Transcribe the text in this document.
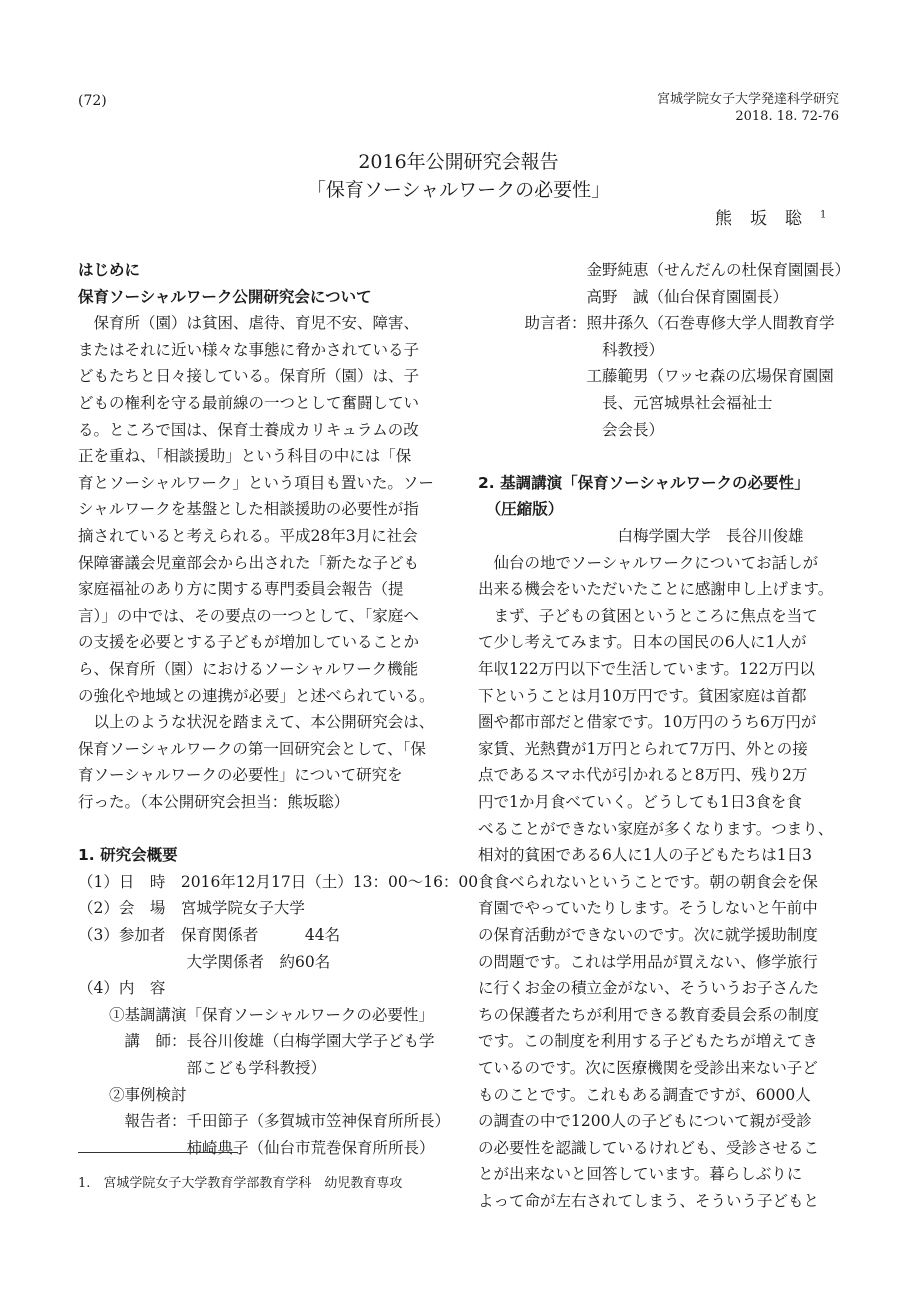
(72)	宮城学院女子大学発達科学研究
2018. 18. 72-76
2016年公開研究会報告
「保育ソーシャルワークの必要性」
熊坂聡$^1$
はじめに
保育ソーシャルワーク公開研究会について
　保育所（園）は貧困、虐待、育児不安、障害、
またはそれに近い様々な事態に脅かされている子
どもたちと日々接している。保育所（園）は、子
どもの権利を守る最前線の一つとして奮闘してい
る。ところで国は、保育士養成カリキュラムの改
正を重ね、「相談援助」という科目の中には「保
育とソーシャルワーク」という項目も置いた。ソー
シャルワークを基盤とした相談援助の必要性が指
摘されていると考えられる。平成28年3月に社会
保障審議会児童部会から出された「新たな子ども
家庭福祉のあり方に関する専門委員会報告（提
言）」の中では、その要点の一つとして、「家庭へ
の支援を必要とする子どもが増加していることか
ら、保育所（園）におけるソーシャルワーク機能
の強化や地域との連携が必要」と述べられている。
　以上のような状況を踏まえて、本公開研究会は、
保育ソーシャルワークの第一回研究会として、「保
育ソーシャルワークの必要性」について研究を
行った。（本公開研究会担当：熊坂聡）
1. 研究会概要
（1）日　時　2016年12月17日（土）13：00～16：00
（2）会　場　宮城学院女子大学
（3）参加者　保育関係者　　　44名
　　　　　　　大学関係者　約60名
（4）内　容
　　①基調講演「保育ソーシャルワークの必要性」
　　　講　師：長谷川俊雄（白梅学園大学子ども学
　　　　　　　部こども学科教授）
　　②事例検討
　　　報告者：千田節子（多賀城市笠神保育所所長）
　　　　　　　柿崎典子（仙台市荒巻保育所所長）
　　　　　　　金野純恵（せんだんの杜保育園園長）
　　　　　　　高野　誠（仙台保育園園長）
　　　助言者：照井孫久（石巻専修大学人間教育学
　　　　　　　　科教授）
　　　　　　　工藤範男（ワッセ森の広場保育園園
　　　　　　　　長、元宮城県社会福祉士
　　　　　　　　会会長）
2. 基調講演「保育ソーシャルワークの必要性」
　（圧縮版）
　　　　　　　　　白梅学園大学　長谷川俊雄
　仙台の地でソーシャルワークについてお話しが
出来る機会をいただいたことに感謝申し上げます。
　まず、子どもの貧困というところに焦点を当て
て少し考えてみます。日本の国民の6人に1人が
年収122万円以下で生活しています。122万円以
下ということは月10万円です。貧困家庭は首都
圏や都市部だと借家です。10万円のうち6万円が
家賃、光熱費が1万円とられて7万円、外との接
点であるスマホ代が引かれると8万円、残り2万
円で1か月食べていく。どうしても1日3食を食
べることができない家庭が多くなります。つまり、
相対的貧困である6人に1人の子どもたちは1日3
食食べられないということです。朝の朝食会を保
育園でやっていたりします。そうしないと午前中
の保育活動ができないのです。次に就学援助制度
の問題です。これは学用品が買えない、修学旅行
に行くお金の積立金がない、そういうお子さんた
ちの保護者たちが利用できる教育委員会系の制度
です。この制度を利用する子どもたちが増えてき
ているのです。次に医療機関を受診出来ない子ど
ものことです。これもある調査ですが、6000人
の調査の中で1200人の子どもについて親が受診
の必要性を認識しているけれども、受診させるこ
とが出来ないと回答しています。暮らしぶりに
よって命が左右されてしまう、そういう子どもと
1.　宮城学院女子大学教育学部教育学科　幼児教育専攻
